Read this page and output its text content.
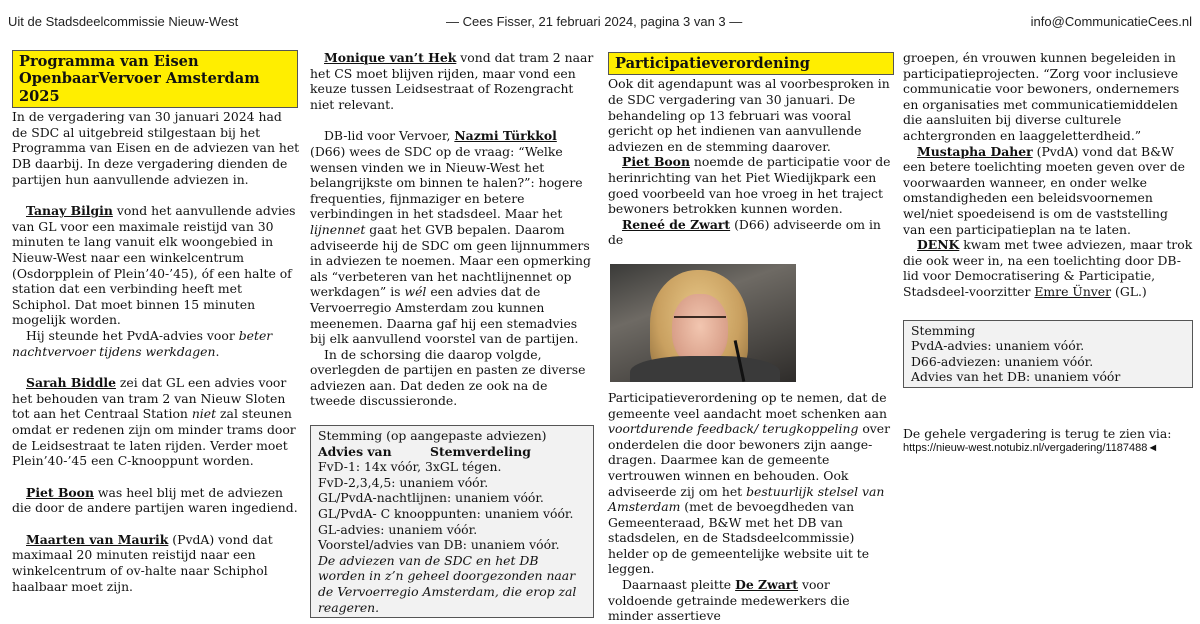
Uit de Stadsdeelcommissie Nieuw-West	— Cees Fisser, 21 februari 2024, pagina 3 van 3 —	info@CommunicatieCees.nl
Programma van Eisen OpenbaarVervoer Amsterdam 2025

In de vergadering van 30 januari 2024 had de SDC al uitgebreid stilgestaan bij het Programma van Eisen en de adviezen van het DB daarbij. In deze vergadering dienden de partijen hun aanvullende adviezen in.

Tanay Bilgin vond het aanvullende advies van GL voor een maximale reistijd van 30 minuten te lang vanuit elk woongebied in Nieuw-West naar een winkelcentrum (Osdorpplein of Plein’40-’45), óf een halte of station dat een verbinding heeft met Schiphol. Dat moet binnen 15 minuten mogelijk worden.

Hij steunde het PvdA-advies voor beter nachtvervoer tijdens werkdagen.

Sarah Biddle zei dat GL een advies voor het behouden van tram 2 van Nieuw Sloten tot aan het Centraal Station niet zal steunen omdat er redenen zijn om minder trams door de Leidsestraat te laten rijden. Verder moet Plein’40-’45 een C-knooppunt worden.

Piet Boon was heel blij met de adviezen die door de andere partijen waren ingediend.

Maarten van Maurik (PvdA) vond dat maximaal 20 minuten reistijd naar een winkelcentrum of ov-halte naar Schiphol haalbaar moet zijn.

Monique van’t Hek vond dat tram 2 naar het CS moet blijven rijden, maar vond een keuze tussen Leidsestraat of Rozengracht niet relevant.

DB-lid voor Vervoer, Nazmi Türkkol (D66) wees de SDC op de vraag: “Welke wensen vinden we in Nieuw-West het belangrijkste om binnen te halen?”: hogere frequenties, fijnmaziger en betere verbindingen in het stadsdeel. Maar het lijnennet gaat het GVB bepalen. Daarom adviseerde hij de SDC om geen lijnnummers in adviezen te noemen. Maar een opmerking als “verbeteren van het nachtlijnennet op werkdagen” is wél een advies dat de Vervoerregio Amsterdam zou kunnen meenemen. Daarna gaf hij een stemadvies bij elk aanvullend voorstel van de partijen.

In de schorsing die daarop volgde, overlegden de partijen en pasten ze diverse adviezen aan. Dat deden ze ook na de tweede discussieronde.

Stemming (op aangepaste adviezen)
Advies van	Stemverdeling
FvD-1: 14x vóór, 3xGL tégen.
FvD-2,3,4,5: unaniem vóór.
GL/PvdA-nachtlijnen: unaniem vóór.
GL/PvdA- C knooppunten: unaniem vóór.
GL-advies: unaniem vóór.
Voorstel/advies van DB: unaniem vóór.
De adviezen van de SDC en het DB worden in z’n geheel doorgezonden naar de Vervoerregio Amsterdam, die erop zal reageren.
Participatieverordening

Ook dit agendapunt was al voorbesproken in de SDC vergadering van 30 januari. De behandeling op 13 februari was vooral gericht op het indienen van aanvullende adviezen en de stemming daarover.

Piet Boon noemde de participatie voor de herinrichting van het Piet Wiedijkpark een goed voorbeeld van hoe vroeg in het traject bewoners betrokken kunnen worden.

Reneé de Zwart (D66) adviseerde om in de

Participatieverordening op te nemen, dat de gemeente veel aandacht moet schenken aan voortdurende feedback/ terugkoppeling over onderdelen die door bewoners zijn aange-dragen. Daarmee kan de gemeente vertrouwen winnen en behouden. Ook adviseerde zij om het bestuurlijk stelsel van Amsterdam (met de bevoegdheden van Gemeenteraad, B&W met het DB van stadsdelen, en de Stadsdeelcommissie) helder op de gemeentelijke website uit te leggen.

Daarnaast pleitte De Zwart voor voldoende getrainde medewerkers die minder assertieve

groepen, én vrouwen kunnen begeleiden in participatieprojecten. “Zorg voor inclusieve communicatie voor bewoners, ondernemers en organisaties met communicatiemiddelen die aansluiten bij diverse culturele achtergronden en laaggeletterdheid.”

Mustapha Daher (PvdA) vond dat B&W een betere toelichting moeten geven over de voorwaarden wanneer, en onder welke omstandigheden een beleidsvoornemen wel/niet spoedeisend is om de vaststelling van een participatieplan na te laten.

DENK kwam met twee adviezen, maar trok die ook weer in, na een toelichting door DB-lid voor Democratisering & Participatie, Stadsdeel-voorzitter Emre Ünver (GL.)

Stemming
PvdA-advies: unaniem vóór.
D66-adviezen: unaniem vóór.
Advies van het DB: unaniem vóór

De gehele vergadering is terug te zien via:

https://nieuw-west.notubiz.nl/vergadering/1187488◄
